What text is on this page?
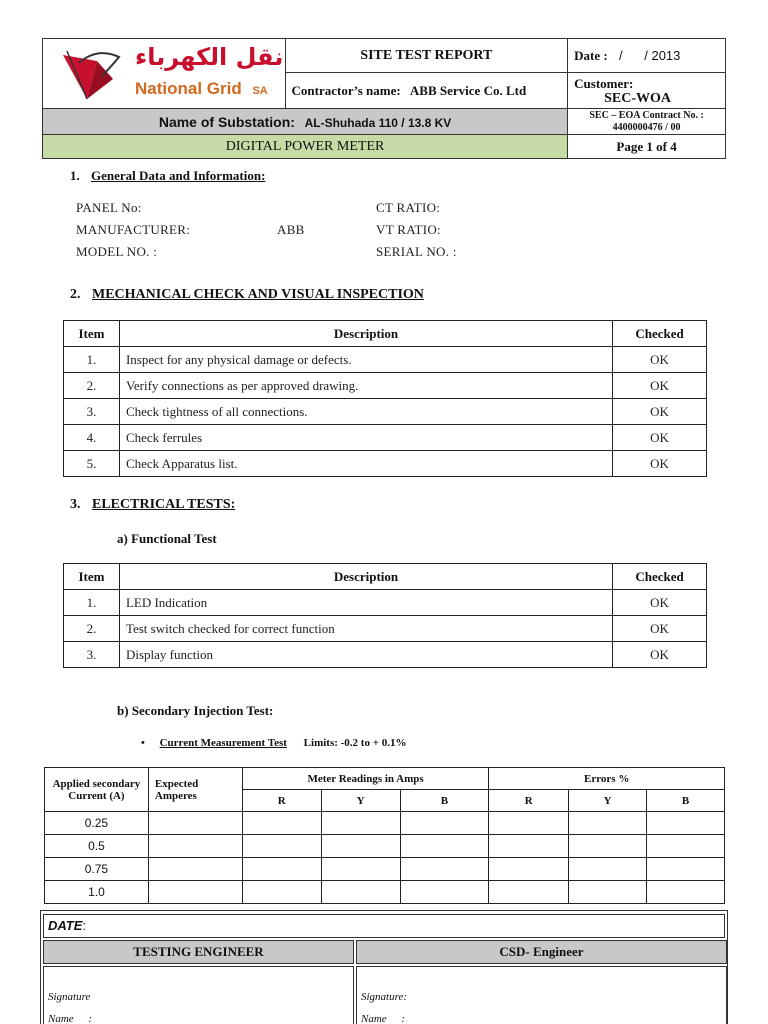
نقل الكهرباء
National Grid SA	SITE TEST REPORT	Date : /      / 2013
	Contractor’s name: ABB Service Co. Ltd	Customer:
SEC-WOA

Name of Substation: AL-Shuhada 110 / 13.8 KV		SEC – EOA Contract No. :
4400000476 / 00

DIGITAL POWER METER		Page 1 of 4
1. General Data and Information:
PANEL No:
MANUFACTURER:	ABB
MODEL NO. :
CT RATIO:
VT RATIO:
SERIAL NO. :
2. MECHANICAL CHECK AND VISUAL INSPECTION
Item	Description	Checked
1.	Inspect for any physical damage or defects.	OK
2.	Verify connections as per approved drawing.	OK
3.	Check tightness of all connections.	OK
4.	Check ferrules	OK
5.	Check Apparatus list.	OK
3. ELECTRICAL TESTS:
a) Functional Test
Item	Description	Checked
1.	LED Indication	OK
2.	Test switch checked for correct function	OK
3.	Display function	OK
b) Secondary Injection Test:
• Current Measurement Test Limits: -0.2 to + 0.1%
Applied secondary Current (A)	Expected Amperes	Meter Readings in Amps			Errors %		
		R	Y	B	R	Y	B
0.25							
0.5							
0.75							
1.0							
DATE:
TESTING ENGINEER	CSD- Engineer
Signature
Name :
Signature:
Name :
